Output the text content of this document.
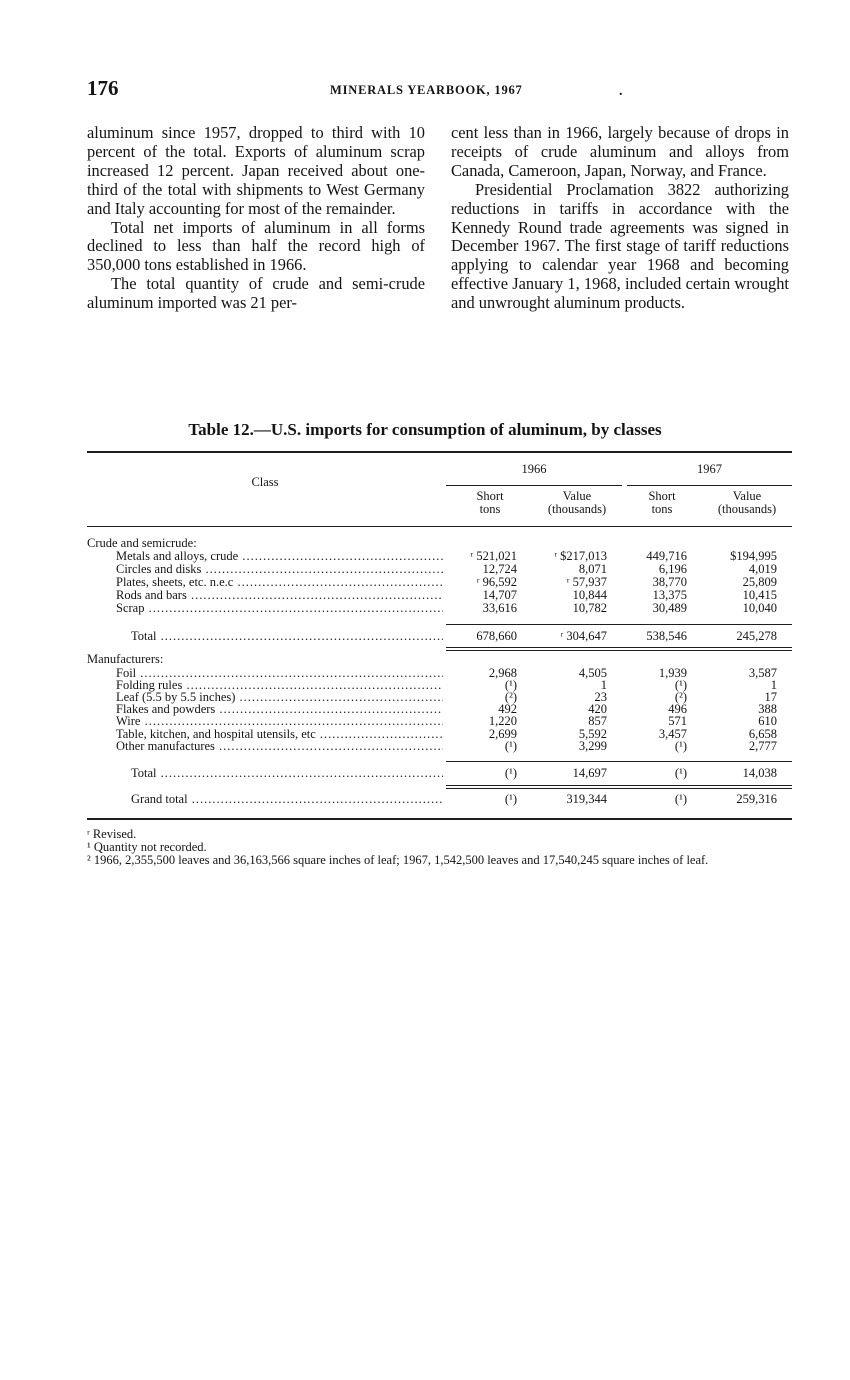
176	MINERALS YEARBOOK, 1967	.

aluminum since 1957, dropped to third with 10 percent of the total. Exports of aluminum scrap increased 12 percent. Japan received about one-third of the total with shipments to West Germany and Italy accounting for most of the remainder.

Total net imports of aluminum in all forms declined to less than half the record high of 350,000 tons established in 1966.

The total quantity of crude and semi-crude aluminum imported was 21 per-

cent less than in 1966, largely because of drops in receipts of crude aluminum and alloys from Canada, Cameroon, Japan, Norway, and France.

Presidential Proclamation 3822 authorizing reductions in tariffs in accordance with the Kennedy Round trade agreements was signed in December 1967. The first stage of tariff reductions applying to calendar year 1968 and becoming effective January 1, 1968, included certain wrought and unwrought aluminum products.

Table 12.—U.S. imports for consumption of aluminum, by classes
Class
1966	1967
Short
tons
Value
(thousands)
Short
tons
Value
(thousands)
Crude and semicrude:
Metals and alloys, crude .....	ʳ 521,021	ʳ $217,013	449,716	$194,995
Circles and disks .....	12,724	8,071	6,196	4,019
Plates, sheets, etc. n.e.c .....	ʳ 96,592	ʳ 57,937	38,770	25,809
Rods and bars .....	14,707	10,844	13,375	10,415
Scrap .....	33,616	10,782	30,489	10,040
Total .....	678,660	ʳ 304,647	538,546	245,278
Manufacturers:
Foil .....	2,968	4,505	1,939	3,587
Folding rules .....	(¹)	1	(¹)	1
Leaf (5.5 by 5.5 inches) .....	(²)	23	(²)	17
Flakes and powders .....	492	420	496	388
Wire .....	1,220	857	571	610
Table, kitchen, and hospital utensils, etc .....	2,699	5,592	3,457	6,658
Other manufactures .....	(¹)	3,299	(¹)	2,777
Total .....	(¹)	14,697	(¹)	14,038
Grand total .....	(¹)	319,344	(¹)	259,316
ʳ Revised.
¹ Quantity not recorded.
² 1966, 2,355,500 leaves and 36,163,566 square inches of leaf; 1967, 1,542,500 leaves and 17,540,245 square inches of leaf.
